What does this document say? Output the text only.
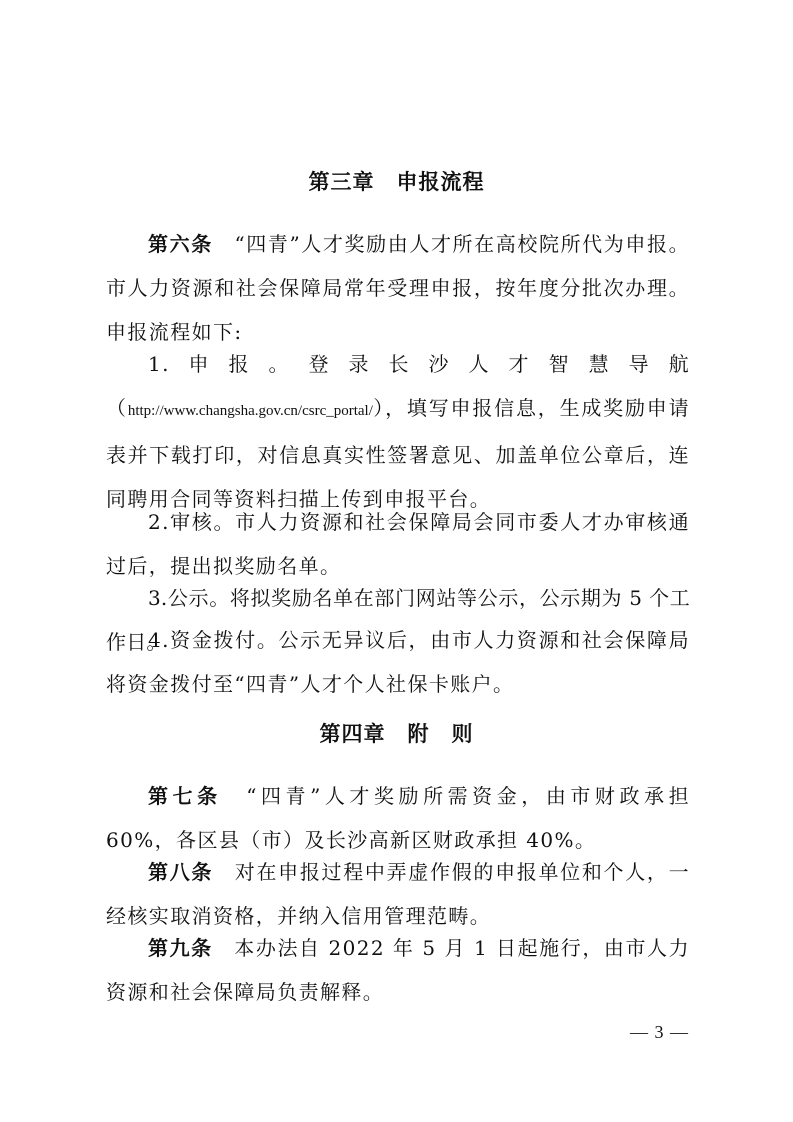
第三章　申报流程
第六条　 “四青”人才奖励由人才所在高校院所代为申报。市人力资源和社会保障局常年受理申报，按年度分批次办理。申报流程如下:
1.申报。登录长沙人才智慧导航（http://www.changsha.gov.cn/csrc_portal/），填写申报信息，生成奖励申请表并下载打印，对信息真实性签署意见、加盖单位公章后，连同聘用合同等资料扫描上传到申报平台。
2.审核。市人力资源和社会保障局会同市委人才办审核通过后，提出拟奖励名单。
3.公示。将拟奖励名单在部门网站等公示，公示期为 5 个工作日。
4.资金拨付。公示无异议后，由市人力资源和社会保障局将资金拨付至“四青”人才个人社保卡账户。
第四章　附　则
第七条　 “四青”人才奖励所需资金，由市财政承担 60%，各区县（市）及长沙高新区财政承担 40%。
第八条　 对在申报过程中弄虚作假的申报单位和个人，一经核实取消资格，并纳入信用管理范畴。
第九条　 本办法自 2022 年 5 月 1 日起施行，由市人力资源和社会保障局负责解释。
— 3 —
